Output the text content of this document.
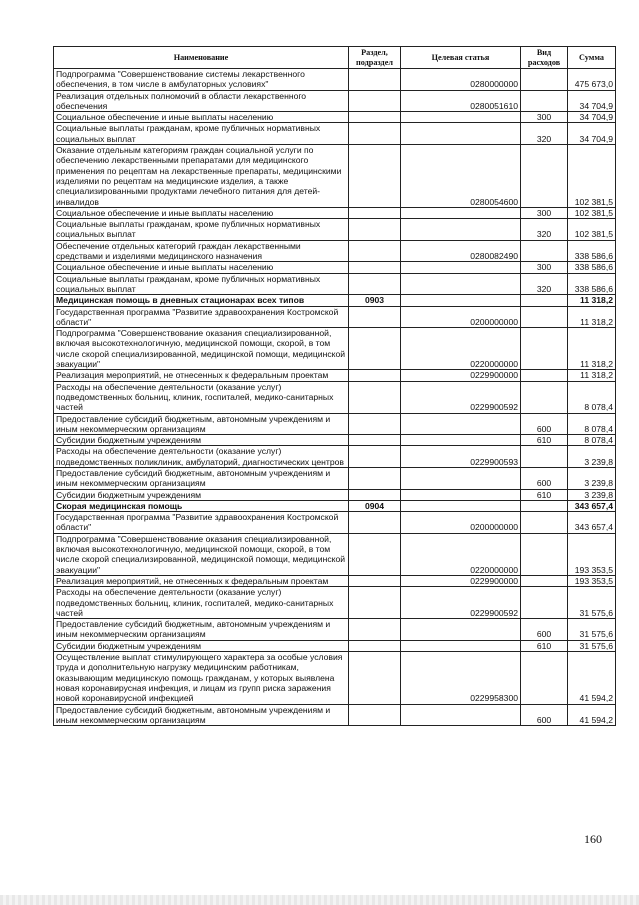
Наименование	Раздел, подраздел	Целевая статья	Вид расходов	Сумма
Подпрограмма "Совершенствование системы лекарственного обеспечения, в том числе в амбулаторных условиях"		0280000000		475 673,0
Реализация отдельных полномочий в области лекарственного обеспечения		0280051610		34 704,9
Социальное обеспечение и иные выплаты населению			300	34 704,9
Социальные выплаты гражданам, кроме публичных нормативных социальных выплат			320	34 704,9
Оказание отдельным категориям граждан социальной услуги по обеспечению лекарственными препаратами для медицинского применения по рецептам на лекарственные препараты, медицинскими изделиями по рецептам на медицинские изделия, а также специализированными продуктами лечебного питания для детей-инвалидов		0280054600		102 381,5
Социальное обеспечение и иные выплаты населению			300	102 381,5
Социальные выплаты гражданам, кроме публичных нормативных социальных выплат			320	102 381,5
Обеспечение отдельных категорий граждан лекарственными средствами и изделиями медицинского назначения		0280082490		338 586,6
Социальное обеспечение и иные выплаты населению			300	338 586,6
Социальные выплаты гражданам, кроме публичных нормативных социальных выплат			320	338 586,6
Медицинская помощь в дневных стационарах всех типов	0903			11 318,2
Государственная программа "Развитие здравоохранения Костромской области"		0200000000		11 318,2
Подпрограмма "Совершенствование оказания специализированной, включая высокотехнологичную, медицинской помощи, скорой, в том числе скорой специализированной, медицинской помощи, медицинской эвакуации"		0220000000		11 318,2
Реализация мероприятий, не отнесенных к федеральным проектам		0229900000		11 318,2
Расходы на обеспечение деятельности (оказание услуг) подведомственных больниц, клиник, госпиталей, медико-санитарных частей		0229900592		8 078,4
Предоставление субсидий бюджетным, автономным учреждениям и иным некоммерческим организациям			600	8 078,4
Субсидии бюджетным учреждениям			610	8 078,4
Расходы на обеспечение деятельности (оказание услуг) подведомственных поликлиник, амбулаторий, диагностических центров		0229900593		3 239,8
Предоставление субсидий бюджетным, автономным учреждениям и иным некоммерческим организациям			600	3 239,8
Субсидии бюджетным учреждениям			610	3 239,8
Скорая медицинская помощь	0904			343 657,4
Государственная программа "Развитие здравоохранения Костромской области"		0200000000		343 657,4
Подпрограмма "Совершенствование оказания специализированной, включая высокотехнологичную, медицинской помощи, скорой, в том числе скорой специализированной, медицинской помощи, медицинской эвакуации"		0220000000		193 353,5
Реализация мероприятий, не отнесенных к федеральным проектам		0229900000		193 353,5
Расходы на обеспечение деятельности (оказание услуг) подведомственных больниц, клиник, госпиталей, медико-санитарных частей		0229900592		31 575,6
Предоставление субсидий бюджетным, автономным учреждениям и иным некоммерческим организациям			600	31 575,6
Субсидии бюджетным учреждениям			610	31 575,6
Осуществление выплат стимулирующего характера за особые условия труда и дополнительную нагрузку медицинским работникам, оказывающим медицинскую помощь гражданам, у которых выявлена новая коронавирусная инфекция, и лицам из групп риска заражения новой коронавирусной инфекцией		0229958300		41 594,2
Предоставление субсидий бюджетным, автономным учреждениям и иным некоммерческим организациям			600	41 594,2
160
